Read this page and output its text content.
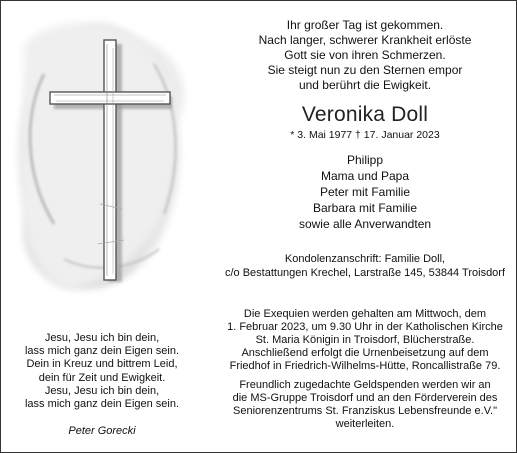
Ihr großer Tag ist gekommen.
Nach langer, schwerer Krankheit erlöste
Gott sie von ihren Schmerzen.
Sie steigt nun zu den Sternen empor
und berührt die Ewigkeit.
Veronika Doll
* 3. Mai 1977 † 17. Januar 2023
Philipp
Mama und Papa
Peter mit Familie
Barbara mit Familie
sowie alle Anverwandten
Kondolenzanschrift: Familie Doll,
c/o Bestattungen Krechel, Larstraße 145, 53844 Troisdorf
Die Exequien werden gehalten am Mittwoch, dem
1. Februar 2023, um 9.30 Uhr in der Katholischen Kirche
St. Maria Königin in Troisdorf, Blücherstraße.
Anschließend erfolgt die Urnenbeisetzung auf dem
Friedhof in Friedrich-Wilhelms-Hütte, Roncallistraße 79.
Freundlich zugedachte Geldspenden werden wir an
die MS-Gruppe Troisdorf und an den Förderverein des
Seniorenzentrums St. Franziskus Lebensfreunde e.V."
weiterleiten.
Jesu, Jesu ich bin dein,
lass mich ganz dein Eigen sein.
Dein in Kreuz und bittrem Leid,
dein für Zeit und Ewigkeit.
Jesu, Jesu ich bin dein,
lass mich ganz dein Eigen sein.
Peter Gorecki
